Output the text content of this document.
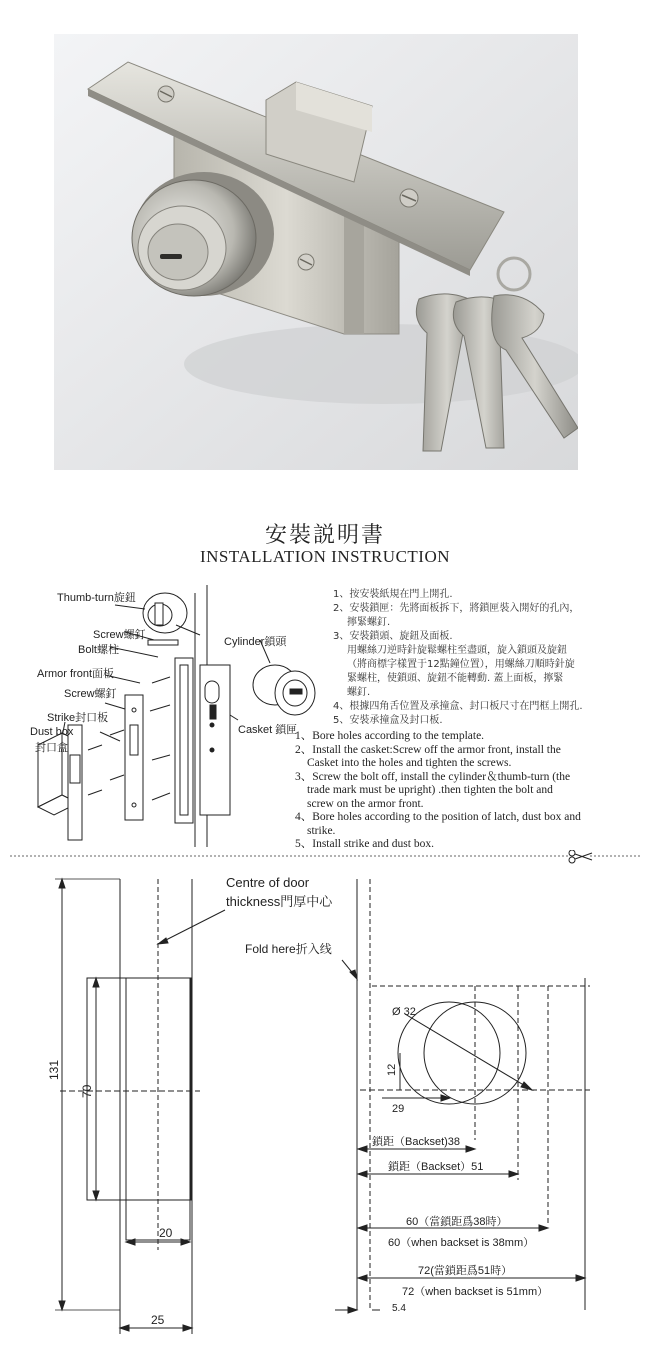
安裝説明書
INSTALLATION INSTRUCTION
Thumb-turn旋鈕
Screw螺釘
Bolt螺柱
Armor front面板
Screw螺釘
Strike封口板
Dust box
封口盒
Cylinder鎖頭
Casket 鎖匣
1、按安裝紙規在門上開孔.
2、安裝鎖匣：先將面板拆下，將鎖匣裝入開好的孔內，
擰緊螺釘.
3、安裝鎖頭、旋鈕及面板.
用螺絲刀逆時針旋鬆螺柱至盡頭，旋入鎖頭及旋鈕
（將商標字樣置于12點鐘位置），用螺絲刀順時針旋
緊螺柱，使鎖頭、旋鈕不能轉動. 蓋上面板，擰緊
螺釘.
4、根據四角舌位置及承撞盒、封口板尺寸在門框上開孔.
5、安裝承撞盒及封口板.
1、Bore holes according to the template.
2、Install the casket:Screw off the armor front, install the
Casket into the holes and tighten the screws.
3、Screw the bolt off, install the cylinder＆thumb-turn (the
trade mark must be upright) .then tighten the bolt and
screw on the armor front.
4、Bore holes according to the position of latch, dust box and
strike.
5、Install strike and dust box.
Centre of door
thickness門厚中心
Fold here折入线
131
70
20
25
Ø 32
12
29
鎖距（Backset)38
鎖距（Backset）51
60（當鎖距爲38時）
60（when backset is 38mm）
72(當鎖距爲51時）
72（when backset is 51mm）
5.4
